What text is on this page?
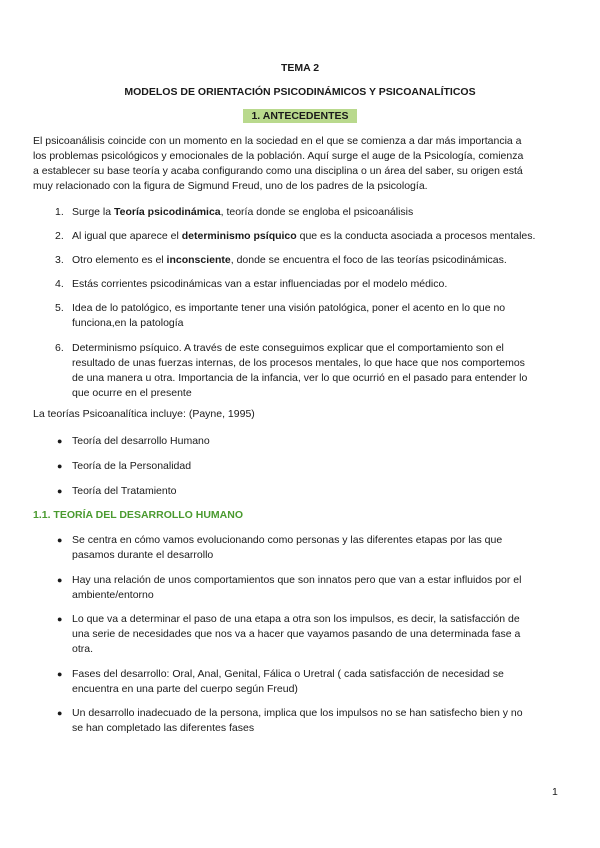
TEMA 2
MODELOS DE ORIENTACIÓN PSICODINÁMICOS Y PSICOANALÍTICOS
1. ANTECEDENTES
El psicoanálisis coincide con un momento en la sociedad en el que se comienza a dar más importancia a
los problemas psicológicos y emocionales de la población. Aquí surge el auge de la Psicología, comienza
a establecer su base teoría y acaba configurando como una disciplina o un área del saber, su origen está
muy relacionado con la figura de Sigmund Freud, uno de los padres de la psicología.
1. Surge la Teoría psicodinámica, teoría donde se engloba el psicoanálisis
2. Al igual que aparece el determinismo psíquico que es la conducta asociada a procesos mentales.
3. Otro elemento es el inconsciente, donde se encuentra el foco de las teorías psicodinámicas.
4. Estás corrientes psicodinámicas van a estar influenciadas por el modelo médico.
5. Idea de lo patológico, es importante tener una visión patológica, poner el acento en lo que no
funciona,en la patología
6. Determinismo psíquico. A través de este conseguimos explicar que el comportamiento son el
resultado de unas fuerzas internas, de los procesos mentales, lo que hace que nos comportemos
de una manera u otra. Importancia de la infancia, ver lo que ocurrió en el pasado para entender lo
que ocurre en el presente
La teorías Psicoanalítica incluye: (Payne, 1995)
● Teoría del desarrollo Humano
● Teoría de la Personalidad
● Teoría del Tratamiento
1.1. TEORÍA DEL DESARROLLO HUMANO
● Se centra en cómo vamos evolucionando como personas y las diferentes etapas por las que
pasamos durante el desarrollo
● Hay una relación de unos comportamientos que son innatos pero que van a estar influidos por el
ambiente/entorno
● Lo que va a determinar el paso de una etapa a otra son los impulsos, es decir, la satisfacción de
una serie de necesidades que nos va a hacer que vayamos pasando de una determinada fase a
otra.
● Fases del desarrollo: Oral, Anal, Genital, Fálica o Uretral ( cada satisfacción de necesidad se
encuentra en una parte del cuerpo según Freud)
● Un desarrollo inadecuado de la persona, implica que los impulsos no se han satisfecho bien y no
se han completado las diferentes fases
1
